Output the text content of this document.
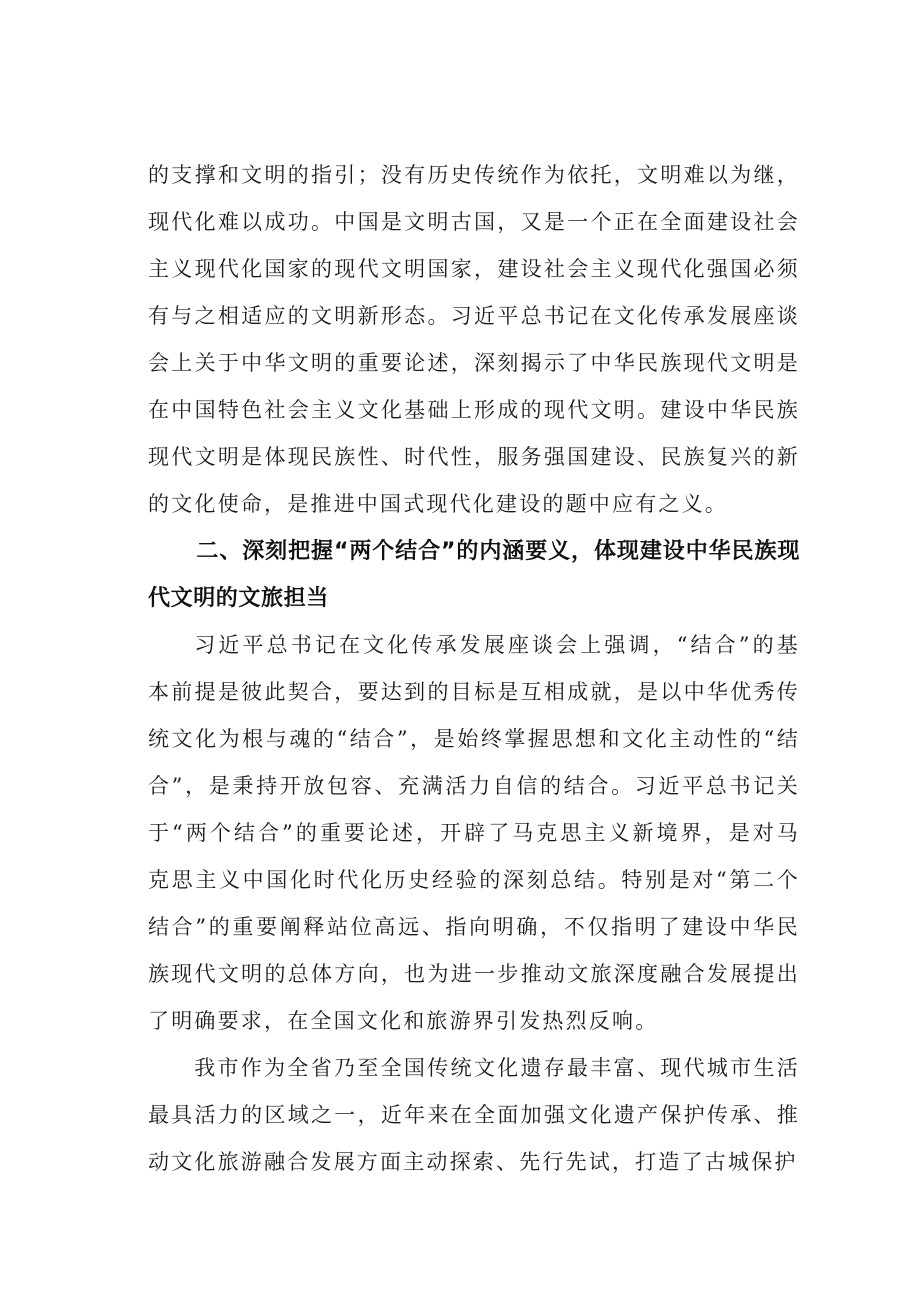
的支撑和文明的指引；没有历史传统作为依托，文明难以为继，现代化难以成功。中国是文明古国，又是一个正在全面建设社会主义现代化国家的现代文明国家，建设社会主义现代化强国必须有与之相适应的文明新形态。习近平总书记在文化传承发展座谈会上关于中华文明的重要论述，深刻揭示了中华民族现代文明是在中国特色社会主义文化基础上形成的现代文明。建设中华民族现代文明是体现民族性、时代性，服务强国建设、民族复兴的新的文化使命，是推进中国式现代化建设的题中应有之义。

二、深刻把握“两个结合”的内涵要义，体现建设中华民族现代文明的文旅担当

习近平总书记在文化传承发展座谈会上强调，“结合”的基本前提是彼此契合，要达到的目标是互相成就，是以中华优秀传统文化为根与魂的“结合”，是始终掌握思想和文化主动性的“结合”，是秉持开放包容、充满活力自信的结合。习近平总书记关于“两个结合”的重要论述，开辟了马克思主义新境界，是对马克思主义中国化时代化历史经验的深刻总结。特别是对“第二个结合”的重要阐释站位高远、指向明确，不仅指明了建设中华民族现代文明的总体方向，也为进一步推动文旅深度融合发展提出了明确要求，在全国文化和旅游界引发热烈反响。

我市作为全省乃至全国传统文化遗存最丰富、现代城市生活最具活力的区域之一，近年来在全面加强文化遗产保护传承、推动文化旅游融合发展方面主动探索、先行先试，打造了古城保护
